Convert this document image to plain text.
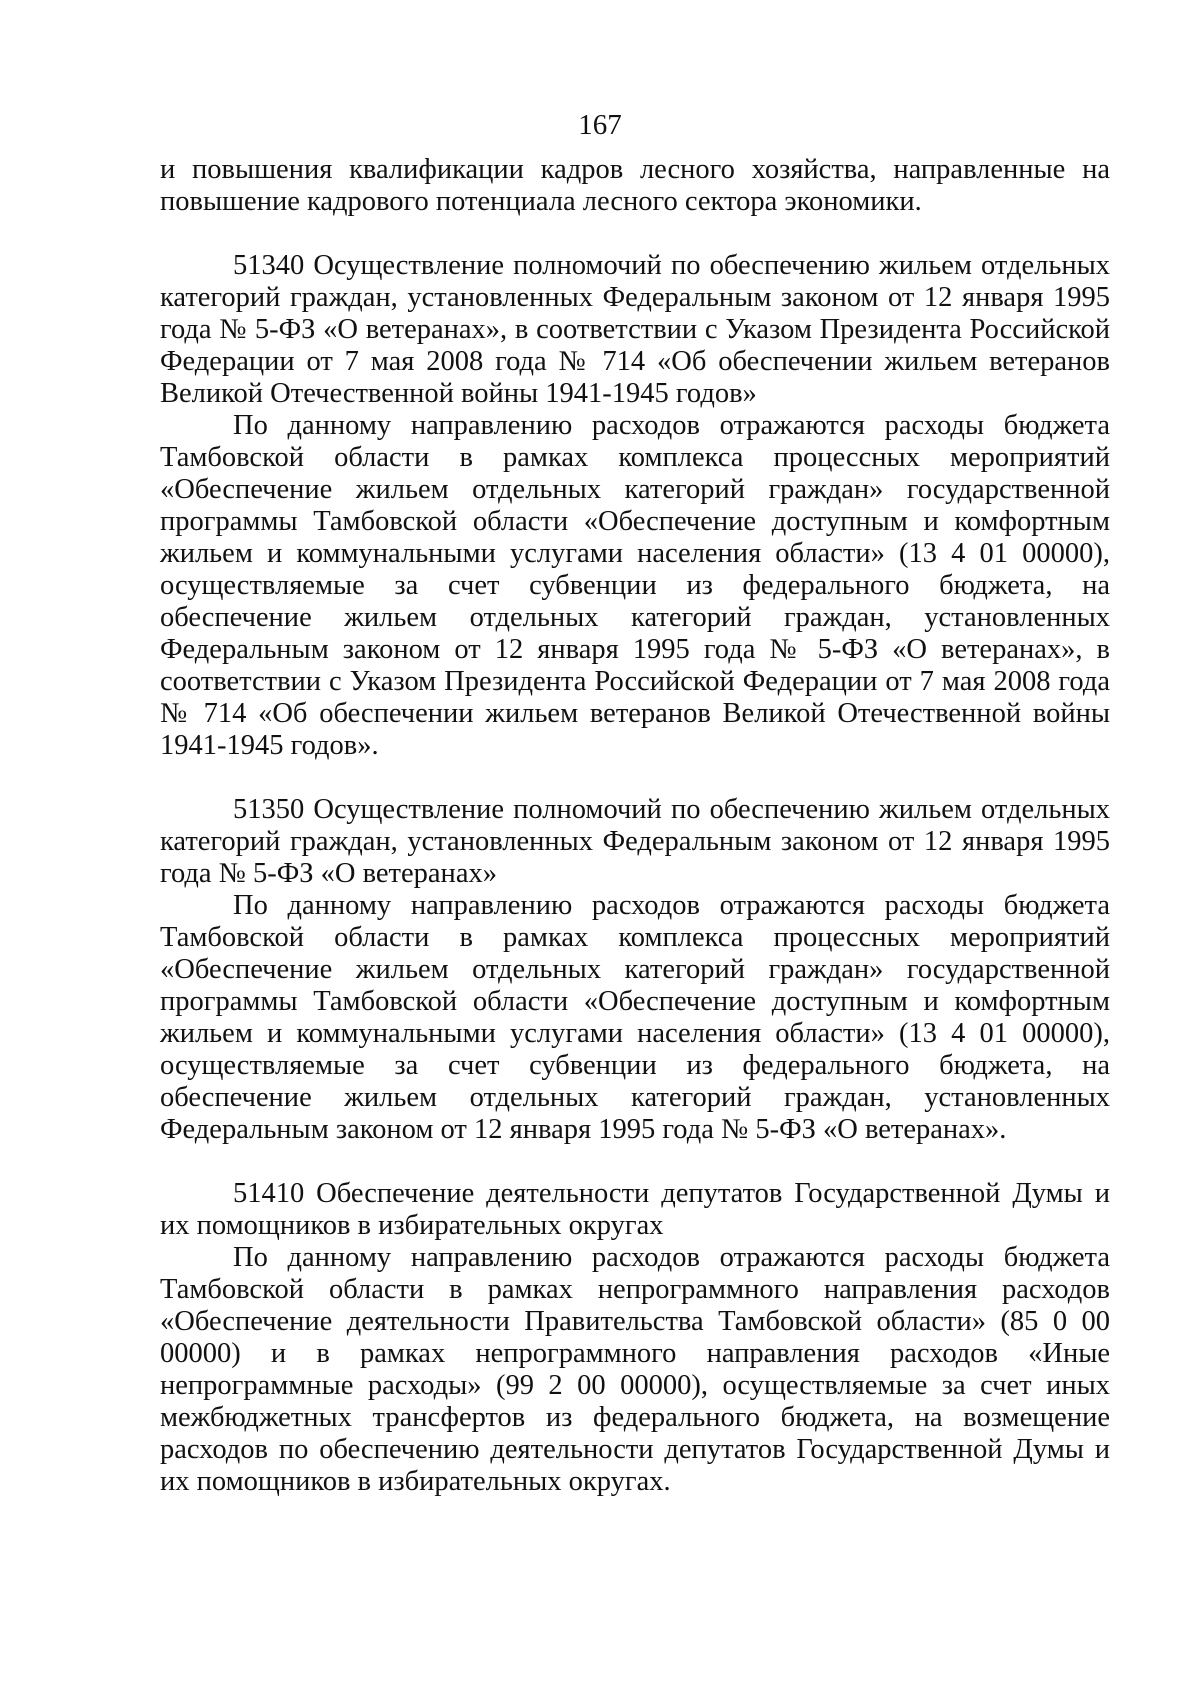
167

и повышения квалификации кадров лесного хозяйства, направленные на повышение кадрового потенциала лесного сектора экономики.

51340 Осуществление полномочий по обеспечению жильем отдельных категорий граждан, установленных Федеральным законом от 12 января 1995 года № 5-ФЗ «О ветеранах», в соответствии с Указом Президента Российской Федерации от 7 мая 2008 года № 714 «Об обеспечении жильем ветеранов Великой Отечественной войны 1941-1945 годов»

По данному направлению расходов отражаются расходы бюджета Тамбовской области в рамках комплекса процессных мероприятий «Обеспечение жильем отдельных категорий граждан» государственной программы Тамбовской области «Обеспечение доступным и комфортным жильем и коммунальными услугами населения области» (13 4 01 00000), осуществляемые за счет субвенции из федерального бюджета, на обеспечение жильем отдельных категорий граждан, установленных Федеральным законом от 12 января 1995 года № 5-ФЗ «О ветеранах», в соответствии с Указом Президента Российской Федерации от 7 мая 2008 года № 714 «Об обеспечении жильем ветеранов Великой Отечественной войны 1941-1945 годов».

51350 Осуществление полномочий по обеспечению жильем отдельных категорий граждан, установленных Федеральным законом от 12 января 1995 года № 5-ФЗ «О ветеранах»

По данному направлению расходов отражаются расходы бюджета Тамбовской области в рамках комплекса процессных мероприятий «Обеспечение жильем отдельных категорий граждан» государственной программы Тамбовской области «Обеспечение доступным и комфортным жильем и коммунальными услугами населения области» (13 4 01 00000), осуществляемые за счет субвенции из федерального бюджета, на обеспечение жильем отдельных категорий граждан, установленных Федеральным законом от 12 января 1995 года № 5-ФЗ «О ветеранах».

51410 Обеспечение деятельности депутатов Государственной Думы и их помощников в избирательных округах

По данному направлению расходов отражаются расходы бюджета Тамбовской области в рамках непрограммного направления расходов «Обеспечение деятельности Правительства Тамбовской области» (85 0 00 00000) и в рамках непрограммного направления расходов «Иные непрограммные расходы» (99 2 00 00000), осуществляемые за счет иных межбюджетных трансфертов из федерального бюджета, на возмещение расходов по обеспечению деятельности депутатов Государственной Думы и их помощников в избирательных округах.
